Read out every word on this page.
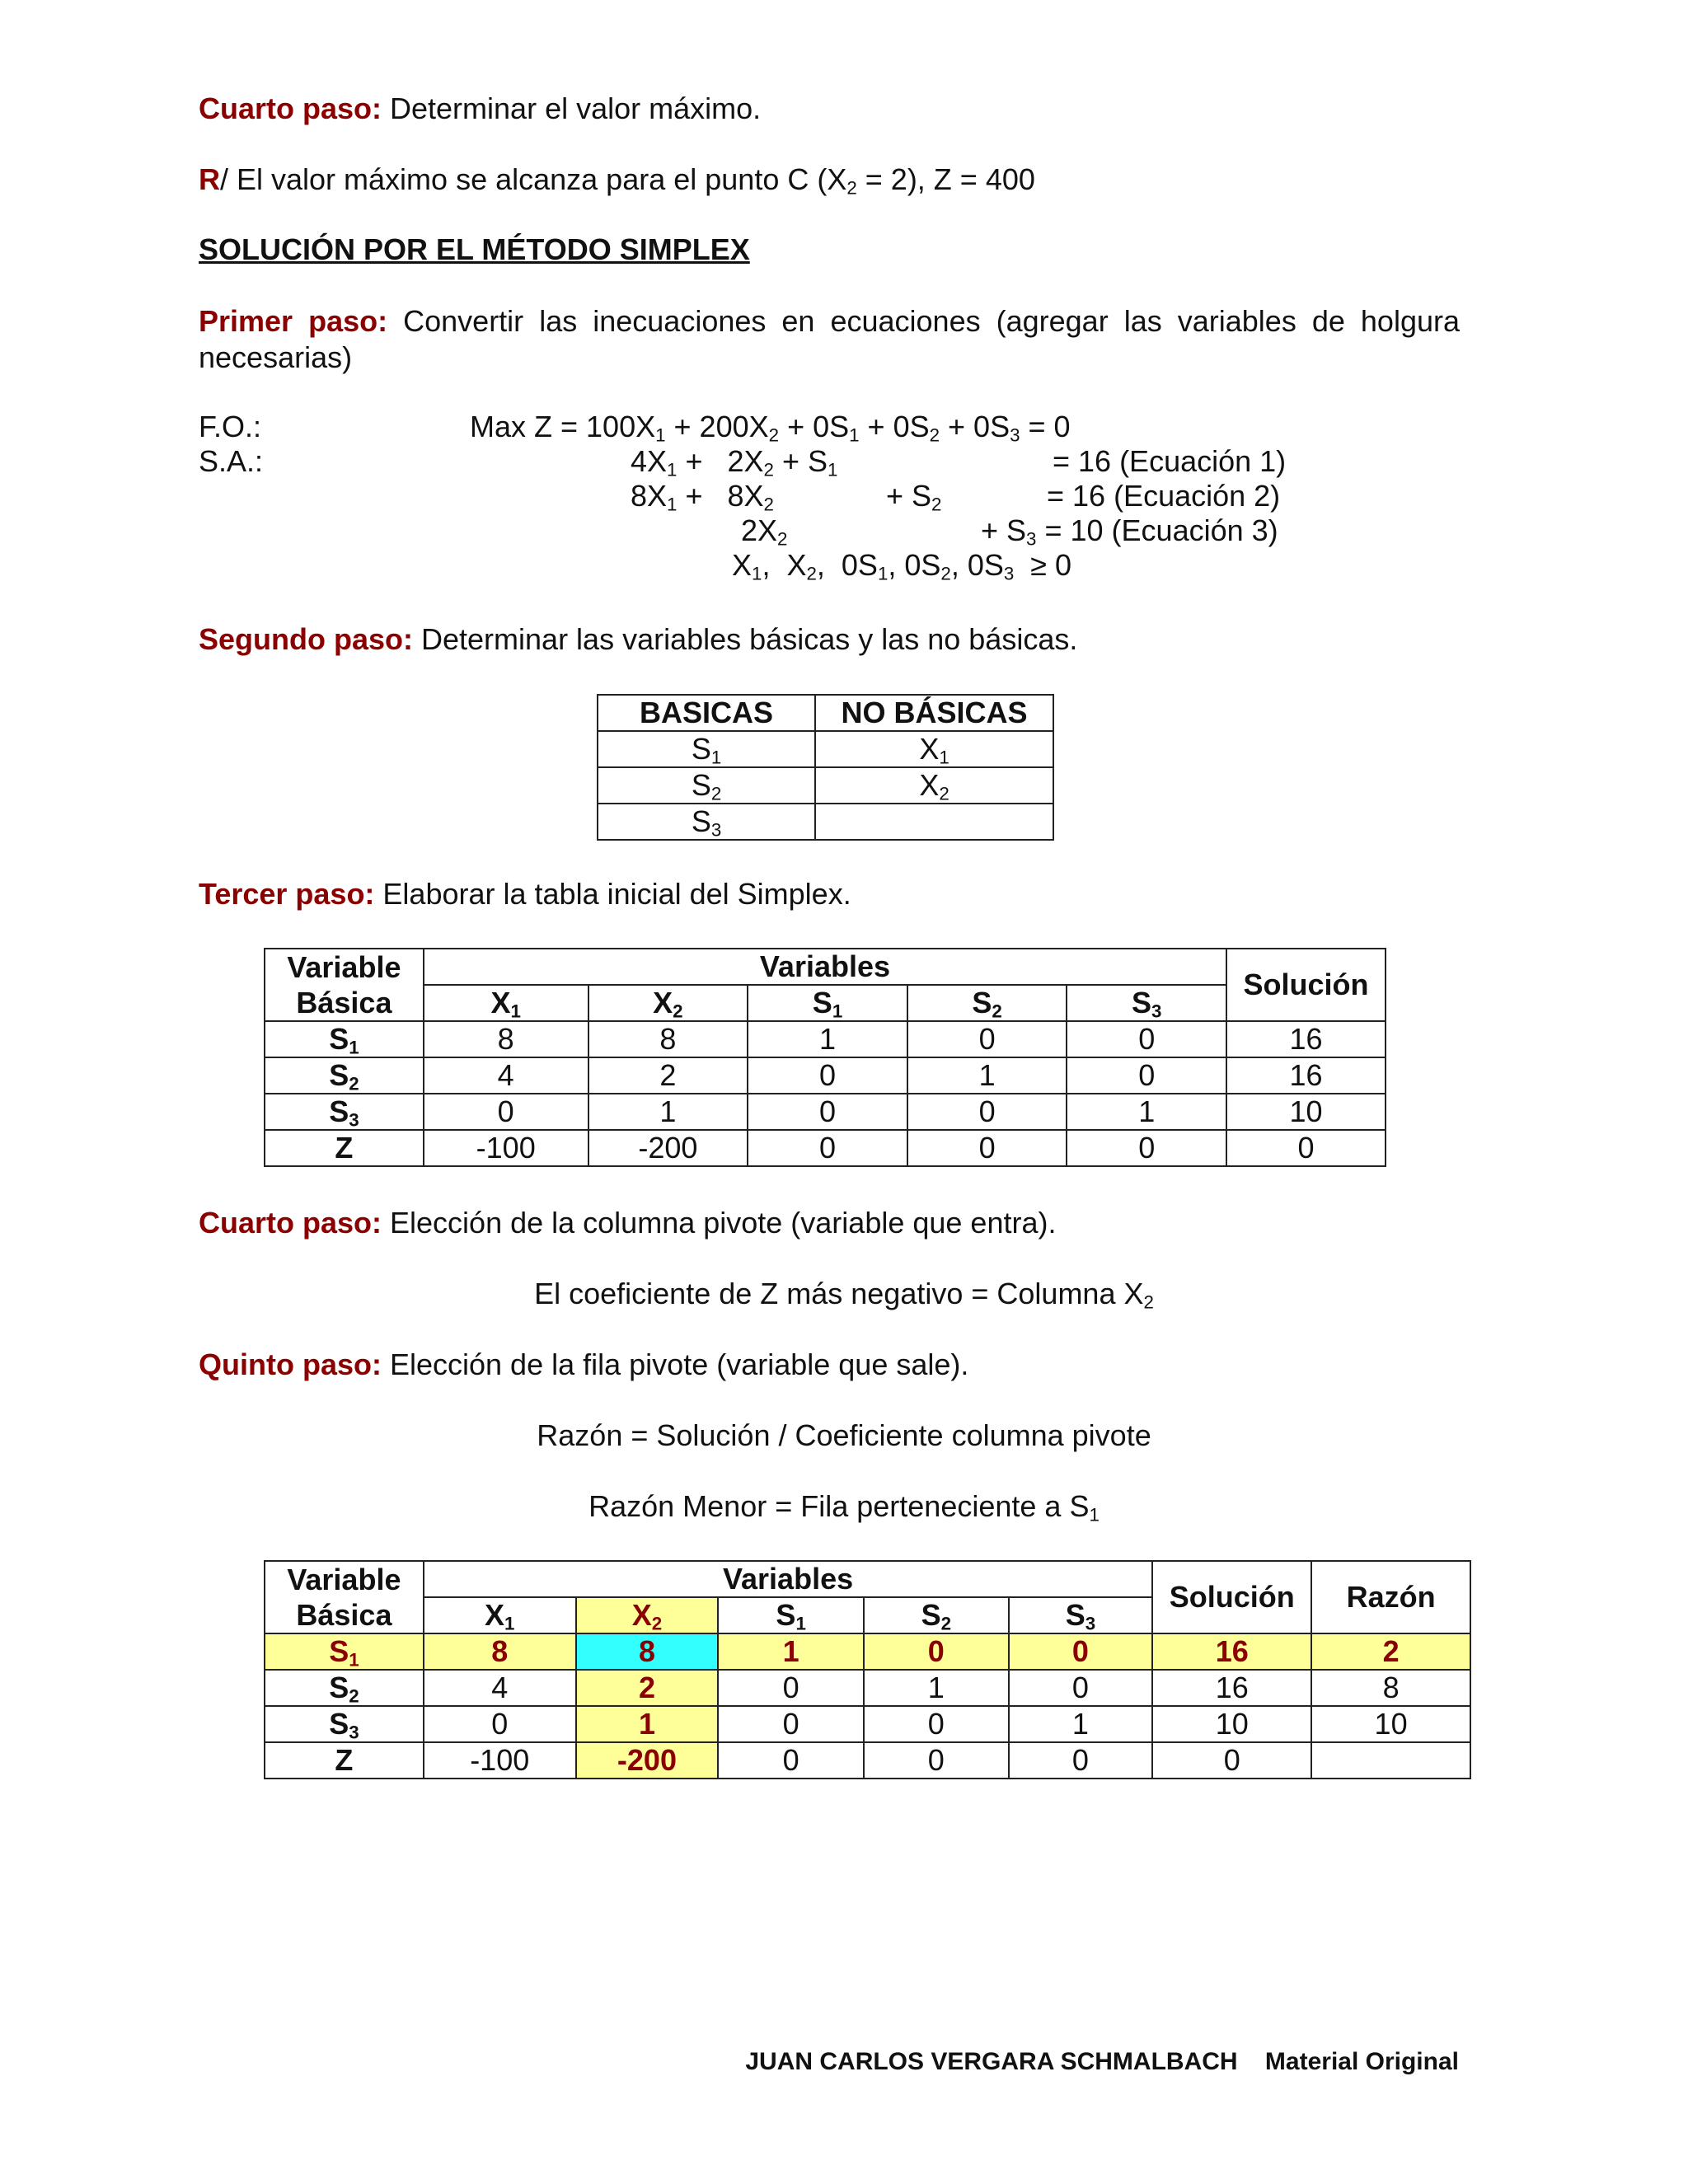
Cuarto paso: Determinar el valor máximo.
R/ El valor máximo se alcanza para el punto C $(X_2 = 2)$, Z = 400
SOLUCIÓN POR EL MÉTODO SIMPLEX
Primer paso: Convertir las inecuaciones en ecuaciones (agregar las variables de holgura necesarias)
F.O.:
S.A.:
Max $Z = 100X_1 + 200X_2 + 0S_1 + 0S_2 + 0S_3 = 0$
$4X_1 + 2X_2 + S_1$	= 16 (Ecuación 1)
$8X_1 + 8X_2$	+ $S_2$	= 16 (Ecuación 2)
$2X_2$	+ $S_3 = 10$ (Ecuación 3)
$X_1$,  $X_2$,  $0S_1$, $0S_2$, $0S_3 \ge 0$
Segundo paso: Determinar las variables básicas y las no básicas.
BASICAS	NO BÁSICAS
$S_1$	$X_1$
$S_2$	$X_2$
$S_3$	
Tercer paso: Elaborar la tabla inicial del Simplex.
Variable	Variables					Solución
Básica	$X_1$	$X_2$	$S_1$	$S_2$	$S_3$
$S_1$	8	8	1	0	0	16
$S_2$	4	2	0	1	0	16
$S_3$	0	1	0	0	1	10
Z	-100	-200	0	0	0	0
Cuarto paso: Elección de la columna pivote (variable que entra).
El coeficiente de Z más negativo = Columna $X_2$
Quinto paso: Elección de la fila pivote (variable que sale).
Razón = Solución / Coeficiente columna pivote
Razón Menor = Fila perteneciente a $S_1$
Variable	Variables					Solución	Razón
Básica	$X_1$	$X_2$	$S_1$	$S_2$	$S_3$
$S_1$	8	8	1	0	0	16	2
$S_2$	4	2	0	1	0	16	8
$S_3$	0	1	0	0	1	10	10
Z	-100	-200	0	0	0	0	
JUAN CARLOS VERGARA SCHMALBACH Material Original
